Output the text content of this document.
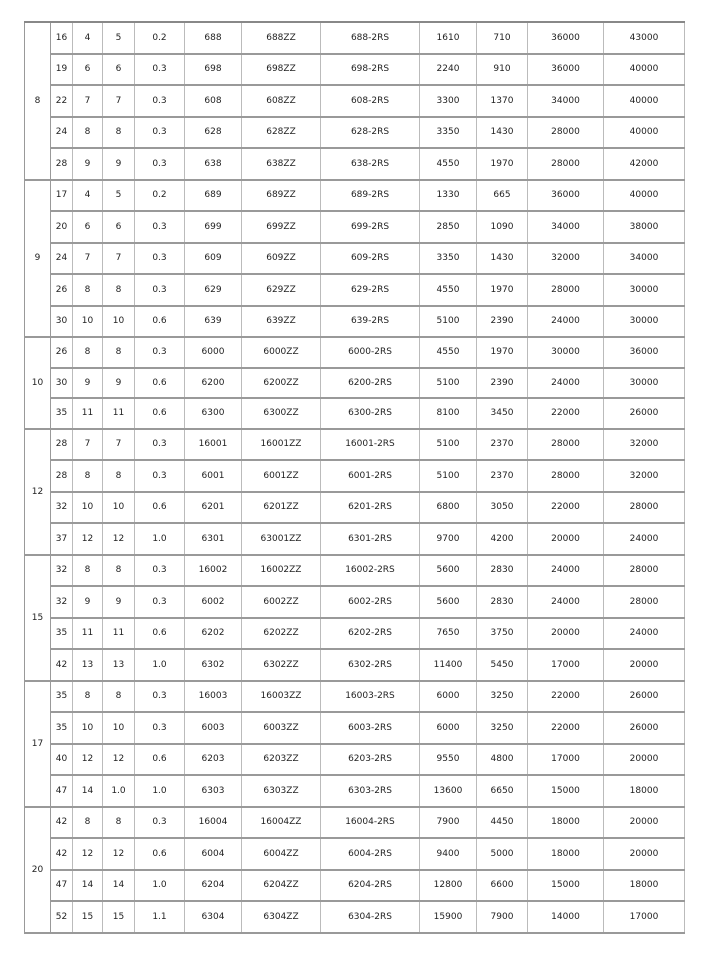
8	16	4	5	0.2	688	688ZZ	688-2RS	1610	710	36000	43000
	19	6	6	0.3	698	698ZZ	698-2RS	2240	910	36000	40000
	22	7	7	0.3	608	608ZZ	608-2RS	3300	1370	34000	40000
	24	8	8	0.3	628	628ZZ	628-2RS	3350	1430	28000	40000
	28	9	9	0.3	638	638ZZ	638-2RS	4550	1970	28000	42000
9	17	4	5	0.2	689	689ZZ	689-2RS	1330	665	36000	40000
	20	6	6	0.3	699	699ZZ	699-2RS	2850	1090	34000	38000
	24	7	7	0.3	609	609ZZ	609-2RS	3350	1430	32000	34000
	26	8	8	0.3	629	629ZZ	629-2RS	4550	1970	28000	30000
	30	10	10	0.6	639	639ZZ	639-2RS	5100	2390	24000	30000
10	26	8	8	0.3	6000	6000ZZ	6000-2RS	4550	1970	30000	36000
	30	9	9	0.6	6200	6200ZZ	6200-2RS	5100	2390	24000	30000
	35	11	11	0.6	6300	6300ZZ	6300-2RS	8100	3450	22000	26000
12	28	7	7	0.3	16001	16001ZZ	16001-2RS	5100	2370	28000	32000
	28	8	8	0.3	6001	6001ZZ	6001-2RS	5100	2370	28000	32000
	32	10	10	0.6	6201	6201ZZ	6201-2RS	6800	3050	22000	28000
	37	12	12	1.0	6301	63001ZZ	6301-2RS	9700	4200	20000	24000
15	32	8	8	0.3	16002	16002ZZ	16002-2RS	5600	2830	24000	28000
	32	9	9	0.3	6002	6002ZZ	6002-2RS	5600	2830	24000	28000
	35	11	11	0.6	6202	6202ZZ	6202-2RS	7650	3750	20000	24000
	42	13	13	1.0	6302	6302ZZ	6302-2RS	11400	5450	17000	20000
17	35	8	8	0.3	16003	16003ZZ	16003-2RS	6000	3250	22000	26000
	35	10	10	0.3	6003	6003ZZ	6003-2RS	6000	3250	22000	26000
	40	12	12	0.6	6203	6203ZZ	6203-2RS	9550	4800	17000	20000
	47	14	1.0	1.0	6303	6303ZZ	6303-2RS	13600	6650	15000	18000
20	42	8	8	0.3	16004	16004ZZ	16004-2RS	7900	4450	18000	20000
	42	12	12	0.6	6004	6004ZZ	6004-2RS	9400	5000	18000	20000
	47	14	14	1.0	6204	6204ZZ	6204-2RS	12800	6600	15000	18000
	52	15	15	1.1	6304	6304ZZ	6304-2RS	15900	7900	14000	17000
